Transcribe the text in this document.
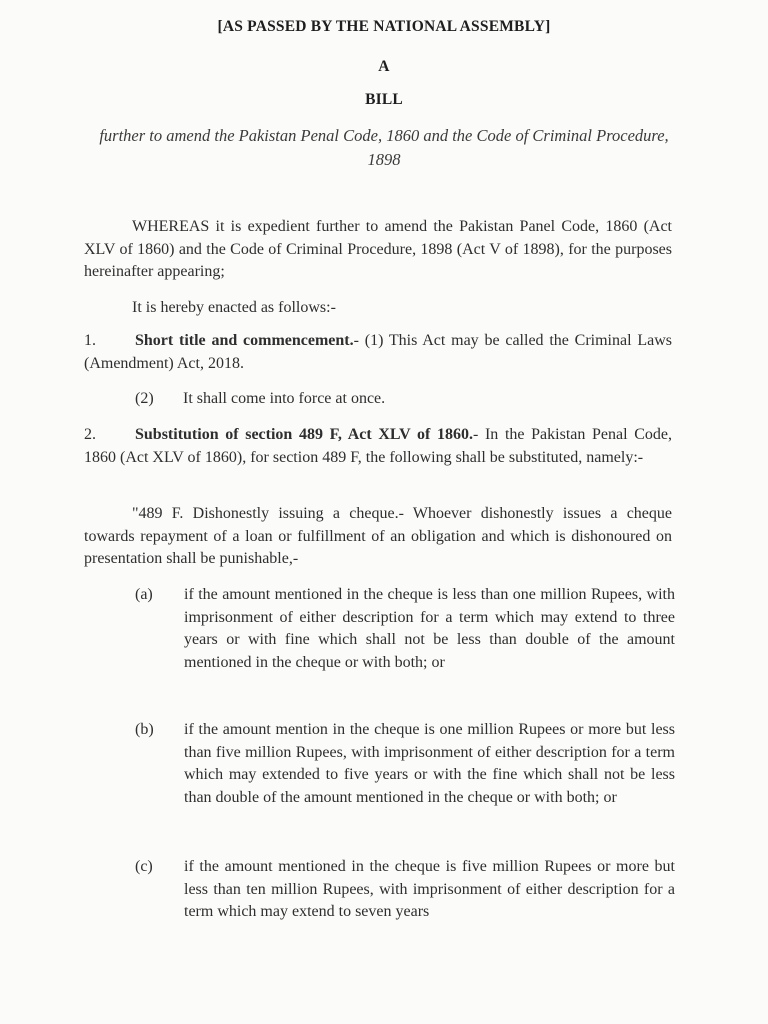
[AS PASSED BY THE NATIONAL ASSEMBLY]
A
BILL
further to amend the Pakistan Penal Code, 1860 and the Code of Criminal Procedure, 1898
WHEREAS it is expedient further to amend the Pakistan Panel Code, 1860 (Act XLV of 1860) and the Code of Criminal Procedure, 1898 (Act V of 1898), for the purposes hereinafter appearing;
It is hereby enacted as follows:-
1. Short title and commencement.- (1) This Act may be called the Criminal Laws (Amendment) Act, 2018.
(2) It shall come into force at once.
2. Substitution of section 489 F, Act XLV of 1860.- In the Pakistan Penal Code, 1860 (Act XLV of 1860), for section 489 F, the following shall be substituted, namely:-
"489 F. Dishonestly issuing a cheque.- Whoever dishonestly issues a cheque towards repayment of a loan or fulfillment of an obligation and which is dishonoured on presentation shall be punishable,-
(a)	if the amount mentioned in the cheque is less than one million Rupees, with imprisonment of either description for a term which may extend to three years or with fine which shall not be less than double of the amount mentioned in the cheque or with both; or
(b)	if the amount mention in the cheque is one million Rupees or more but less than five million Rupees, with imprisonment of either description for a term which may extended to five years or with the fine which shall not be less than double of the amount mentioned in the cheque or with both; or
(c)	if the amount mentioned in the cheque is five million Rupees or more but less than ten million Rupees, with imprisonment of either description for a term which may extend to seven years
